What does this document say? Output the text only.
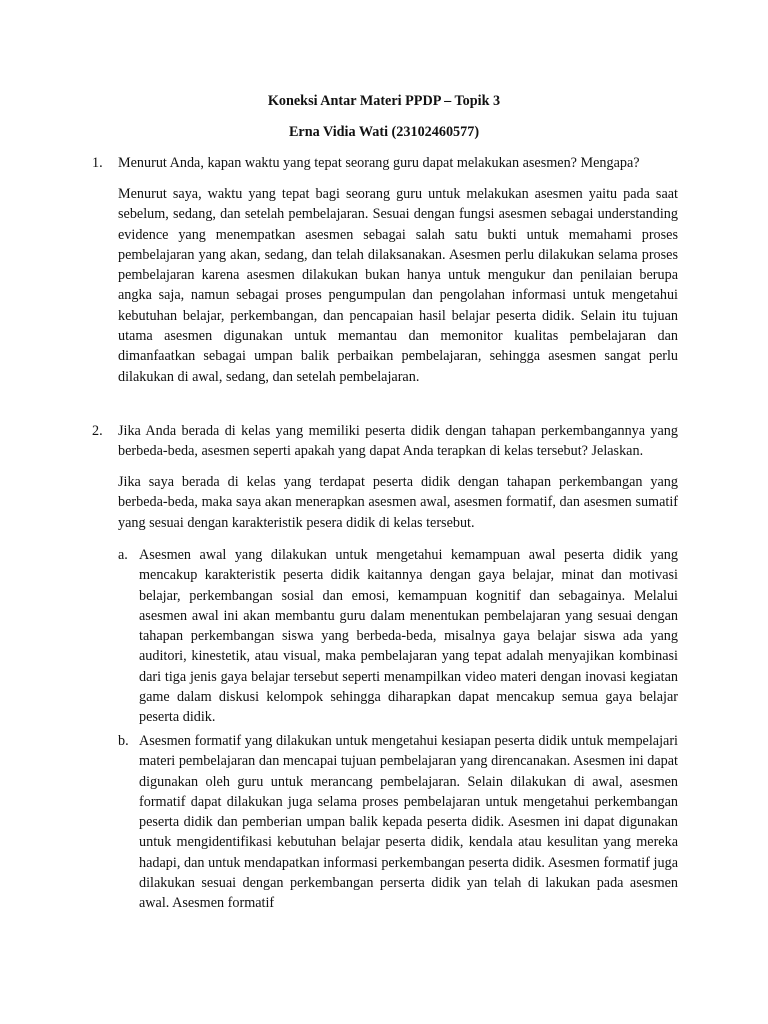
Koneksi Antar Materi PPDP – Topik 3
Erna Vidia Wati (23102460577)
1. Menurut Anda, kapan waktu yang tepat seorang guru dapat melakukan asesmen? Mengapa?

Menurut saya, waktu yang tepat bagi seorang guru untuk melakukan asesmen yaitu pada saat sebelum, sedang, dan setelah pembelajaran. Sesuai dengan fungsi asesmen sebagai understanding evidence yang menempatkan asesmen sebagai salah satu bukti untuk memahami proses pembelajaran yang akan, sedang, dan telah dilaksanakan. Asesmen perlu dilakukan selama proses pembelajaran karena asesmen dilakukan bukan hanya untuk mengukur dan penilaian berupa angka saja, namun sebagai proses pengumpulan dan pengolahan informasi untuk mengetahui kebutuhan belajar, perkembangan, dan pencapaian hasil belajar peserta didik. Selain itu tujuan utama asesmen digunakan untuk memantau dan memonitor kualitas pembelajaran dan dimanfaatkan sebagai umpan balik perbaikan pembelajaran, sehingga asesmen sangat perlu dilakukan di awal, sedang, dan setelah pembelajaran.

2. Jika Anda berada di kelas yang memiliki peserta didik dengan tahapan perkembangannya yang berbeda-beda, asesmen seperti apakah yang dapat Anda terapkan di kelas tersebut? Jelaskan.

Jika saya berada di kelas yang terdapat peserta didik dengan tahapan perkembangan yang berbeda-beda, maka saya akan menerapkan asesmen awal, asesmen formatif, dan asesmen sumatif yang sesuai dengan karakteristik pesera didik di kelas tersebut.

a. Asesmen awal yang dilakukan untuk mengetahui kemampuan awal peserta didik yang mencakup karakteristik peserta didik kaitannya dengan gaya belajar, minat dan motivasi belajar, perkembangan sosial dan emosi, kemampuan kognitif dan sebagainya. Melalui asesmen awal ini akan membantu guru dalam menentukan pembelajaran yang sesuai dengan tahapan perkembangan siswa yang berbeda-beda, misalnya gaya belajar siswa ada yang auditori, kinestetik, atau visual, maka pembelajaran yang tepat adalah menyajikan kombinasi dari tiga jenis gaya belajar tersebut seperti menampilkan video materi dengan inovasi kegiatan game dalam diskusi kelompok sehingga diharapkan dapat mencakup semua gaya belajar peserta didik.

b. Asesmen formatif yang dilakukan untuk mengetahui kesiapan peserta didik untuk mempelajari materi pembelajaran dan mencapai tujuan pembelajaran yang direncanakan. Asesmen ini dapat digunakan oleh guru untuk merancang pembelajaran. Selain dilakukan di awal, asesmen formatif dapat dilakukan juga selama proses pembelajaran untuk mengetahui perkembangan peserta didik dan pemberian umpan balik kepada peserta didik. Asesmen ini dapat digunakan untuk mengidentifikasi kebutuhan belajar peserta didik, kendala atau kesulitan yang mereka hadapi, dan untuk mendapatkan informasi perkembangan peserta didik. Asesmen formatif juga dilakukan sesuai dengan perkembangan perserta didik yan telah di lakukan pada asesmen awal. Asesmen formatif
